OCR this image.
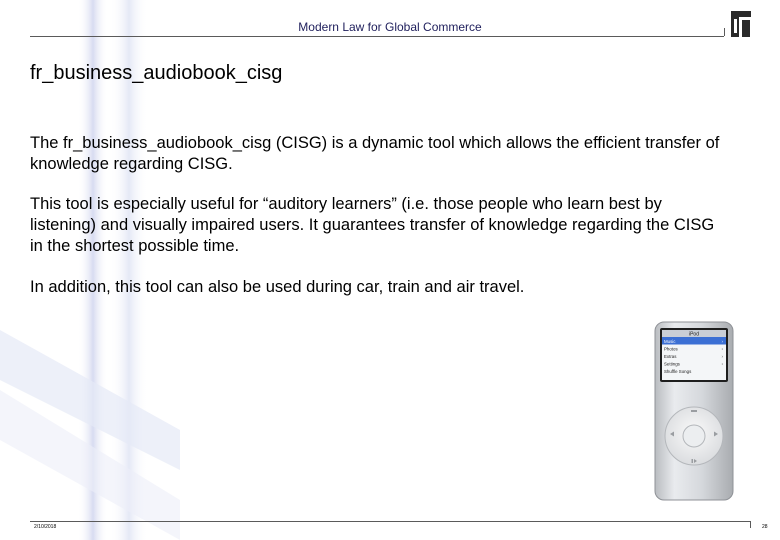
Modern Law for Global Commerce
fr_business_audiobook_cisg

The fr_business_audiobook_cisg (CISG) is a dynamic tool which allows the efficient transfer of knowledge regarding CISG.

This tool is especially useful for “auditory learners” (i.e. those people who learn best by listening) and visually impaired users. It guarantees transfer of knowledge regarding the CISG in the shortest possible time.

In addition, this tool can also be used during car, train and air travel.

iPod
Music
Photos
Extras
Settings
Shuffle Songs
›
›
›
›
2/10/2018	28
